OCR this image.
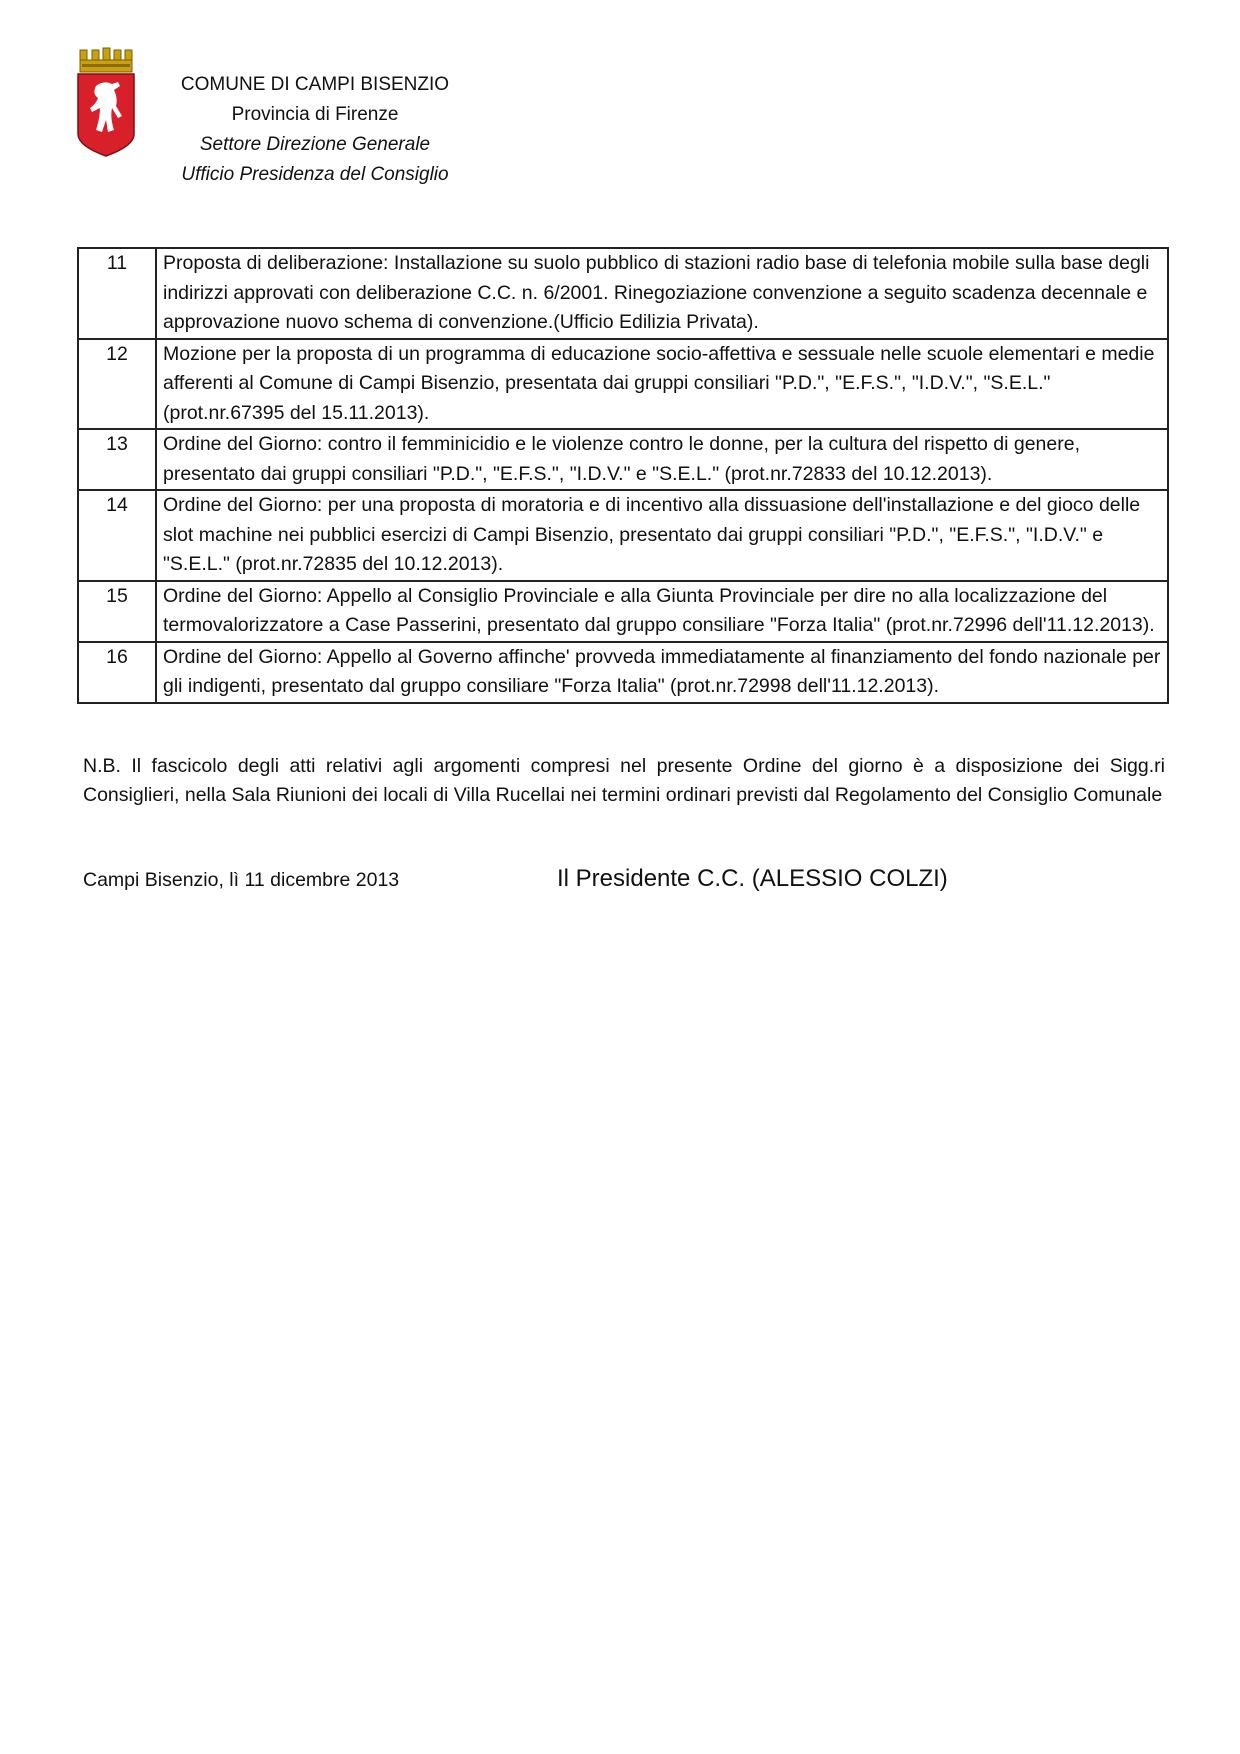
COMUNE DI CAMPI BISENZIO
Provincia di Firenze
Settore Direzione Generale
Ufficio Presidenza del Consiglio
11	Proposta di deliberazione: Installazione su suolo pubblico di stazioni radio base di telefonia mobile sulla base degli indirizzi approvati con deliberazione C.C. n. 6/2001. Rinegoziazione convenzione a seguito scadenza decennale e approvazione nuovo schema di convenzione.(Ufficio Edilizia Privata).
12	Mozione per la proposta di un programma di educazione socio-affettiva e sessuale nelle scuole elementari e medie afferenti al Comune di Campi Bisenzio, presentata dai gruppi consiliari "P.D.", "E.F.S.", "I.D.V.", "S.E.L." (prot.nr.67395 del 15.11.2013).
13	Ordine del Giorno: contro il femminicidio e le violenze contro le donne, per la cultura del rispetto di genere, presentato dai gruppi consiliari "P.D.", "E.F.S.", "I.D.V." e "S.E.L." (prot.nr.72833 del 10.12.2013).
14	Ordine del Giorno: per una proposta di moratoria e di incentivo alla dissuasione dell'installazione e del gioco delle slot machine nei pubblici esercizi di Campi Bisenzio, presentato dai gruppi consiliari "P.D.", "E.F.S.", "I.D.V." e "S.E.L." (prot.nr.72835 del 10.12.2013).
15	Ordine del Giorno: Appello al Consiglio Provinciale e alla Giunta Provinciale per dire no alla localizzazione del termovalorizzatore a Case Passerini, presentato dal gruppo consiliare "Forza Italia" (prot.nr.72996 dell'11.12.2013).
16	Ordine del Giorno: Appello al Governo affinche' provveda immediatamente al finanziamento del fondo nazionale per gli indigenti, presentato dal gruppo consiliare "Forza Italia" (prot.nr.72998 dell'11.12.2013).
N.B. Il fascicolo degli atti relativi agli argomenti compresi nel presente Ordine del giorno è a disposizione dei Sigg.ri Consiglieri, nella Sala Riunioni dei locali di Villa Rucellai nei termini ordinari previsti dal Regolamento del Consiglio Comunale
Campi Bisenzio, lì 11 dicembre 2013	Il Presidente C.C. (ALESSIO COLZI)
